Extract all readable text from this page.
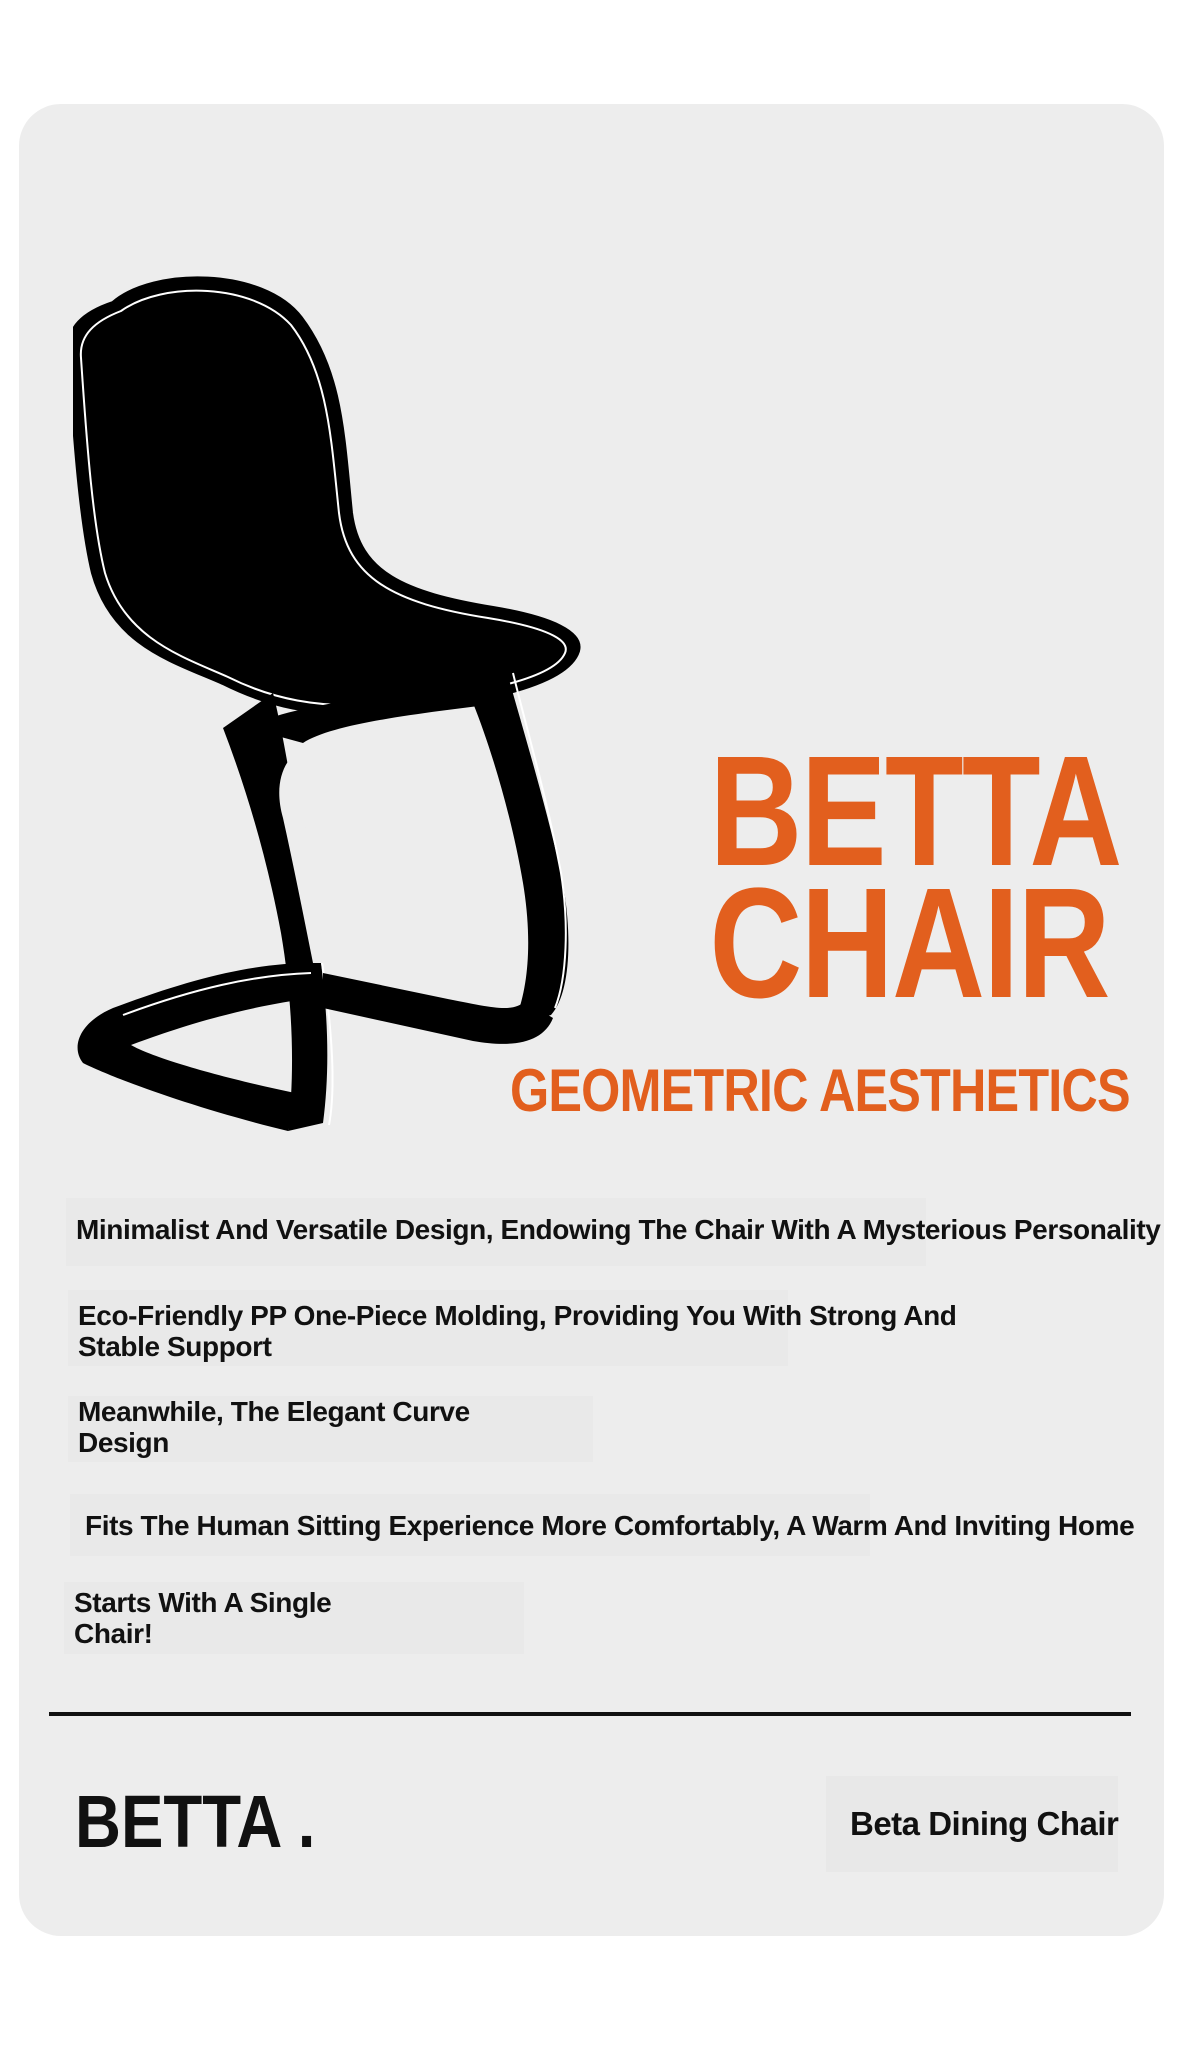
BETTA
CHAIR
GEOMETRIC AESTHETICS
Minimalist And Versatile Design, Endowing The Chair With A Mysterious Personality
Eco-Friendly PP One-Piece Molding, Providing You With Strong And Stable Support
Meanwhile, The Elegant Curve Design
Fits The Human Sitting Experience More Comfortably, A Warm And Inviting Home
Starts With A Single Chair!
BETTA .	Beta Dining Chair
